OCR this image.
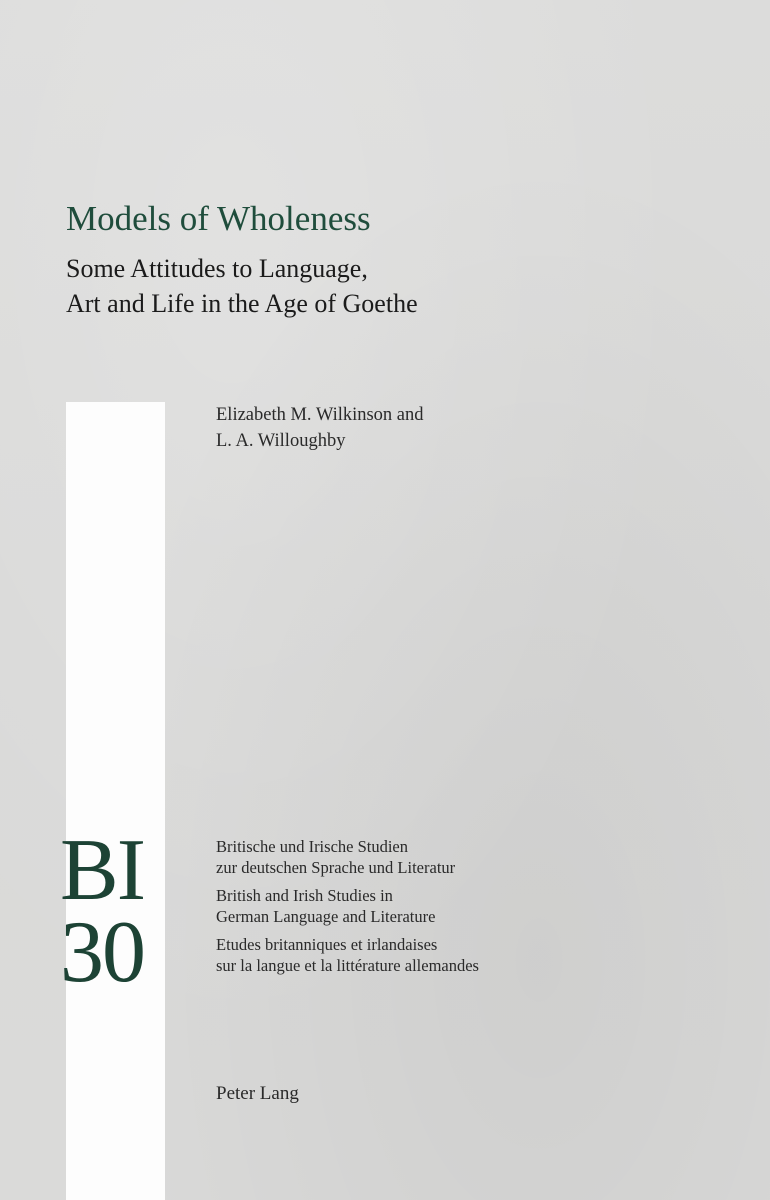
Models of Wholeness
Some Attitudes to Language,
Art and Life in the Age of Goethe
Elizabeth M. Wilkinson and
L. A. Willoughby
BI
30
Britische und Irische Studien
zur deutschen Sprache und Literatur
British and Irish Studies in
German Language and Literature
Etudes britanniques et irlandaises
sur la langue et la littérature allemandes
Peter Lang
